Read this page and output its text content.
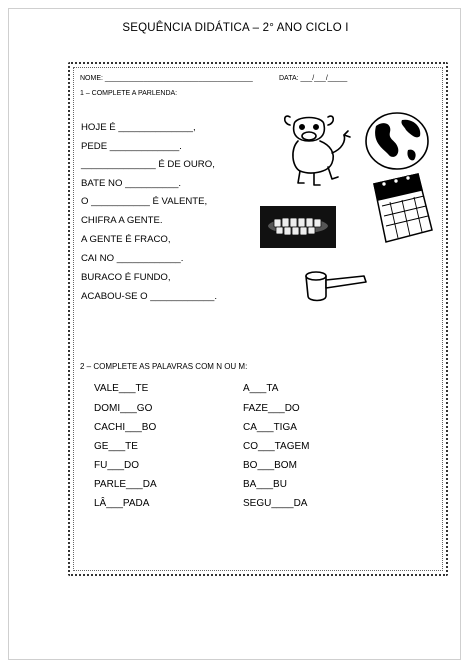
SEQUÊNCIA DIDÁTICA – 2° ANO CICLO I
NOME: ______________________________________	DATA: ___/___/_____
1 – COMPLETE A PARLENDA:
HOJE É ______________,
PEDE _____________.
______________ É DE OURO,
BATE NO __________.
O ___________ É VALENTE,
CHIFRA A GENTE.
A GENTE É FRACO,
CAI NO ____________.
BURACO É FUNDO,
ACABOU-SE O ____________.
2 – COMPLETE AS PALAVRAS COM N OU M:
VALE___TE
DOMI___GO
CACHI___BO
GE___TE
FU___DO
PARLE___DA
LÂ___PADA
A___TA
FAZE___DO
CA___TIGA
CO___TAGEM
BO___BOM
BA___BU
SEGU____DA
